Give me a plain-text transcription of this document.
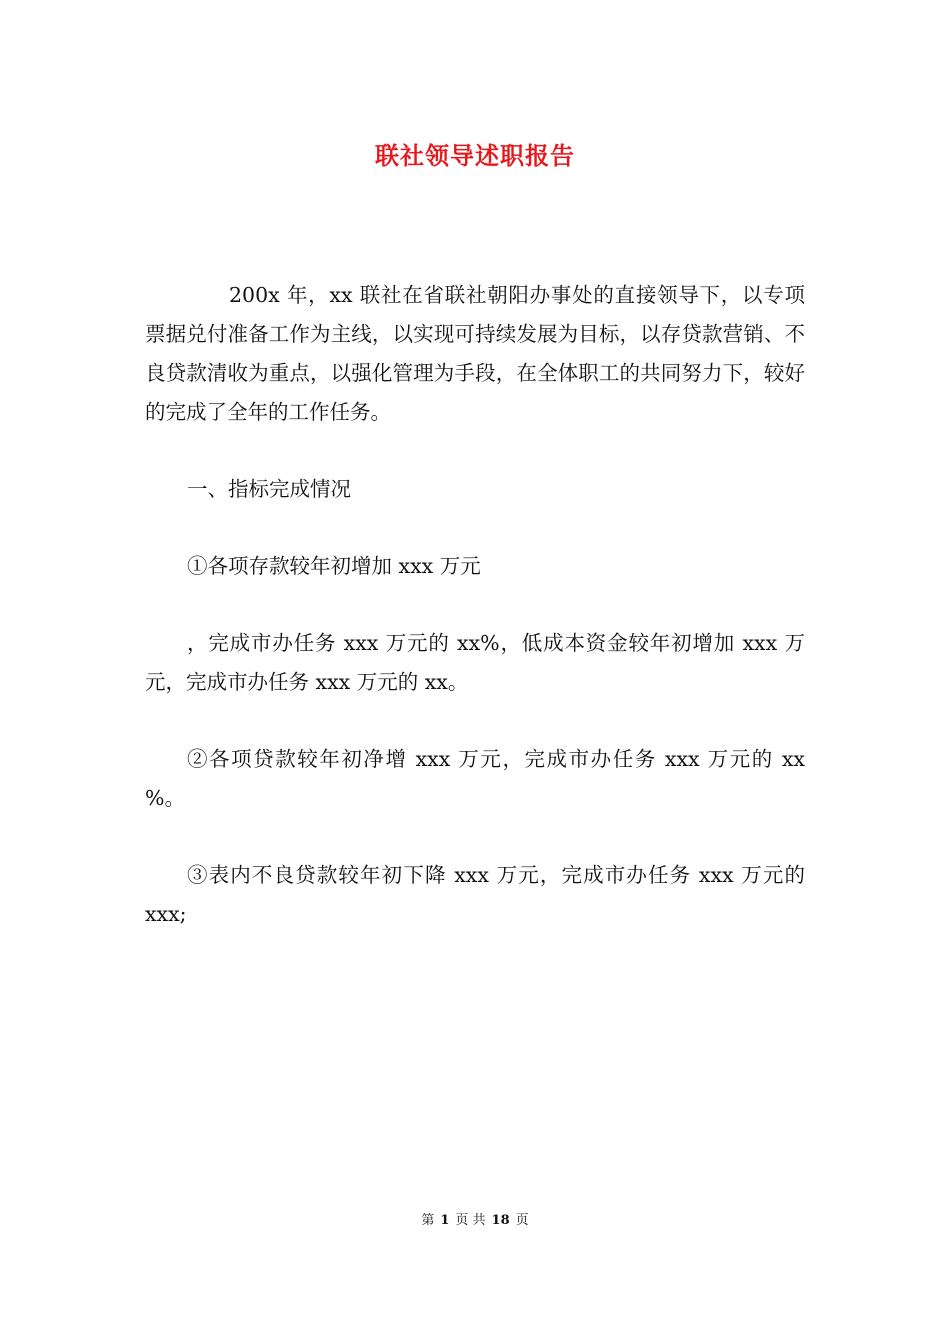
联社领导述职报告

200x 年，xx 联社在省联社朝阳办事处的直接领导下，以专项票据兑付准备工作为主线，以实现可持续发展为目标，以存贷款营销、不良贷款清收为重点，以强化管理为手段，在全体职工的共同努力下，较好的完成了全年的工作任务。

一、指标完成情况

①各项存款较年初增加 xxx 万元

，完成市办任务 xxx 万元的 xx%，低成本资金较年初增加 xxx 万元，完成市办任务 xxx 万元的 xx。

②各项贷款较年初净增 xxx 万元，完成市办任务 xxx 万元的 xx %。

③表内不良贷款较年初下降 xxx 万元，完成市办任务 xxx 万元的 xxx;

第 1 页 共 18 页
